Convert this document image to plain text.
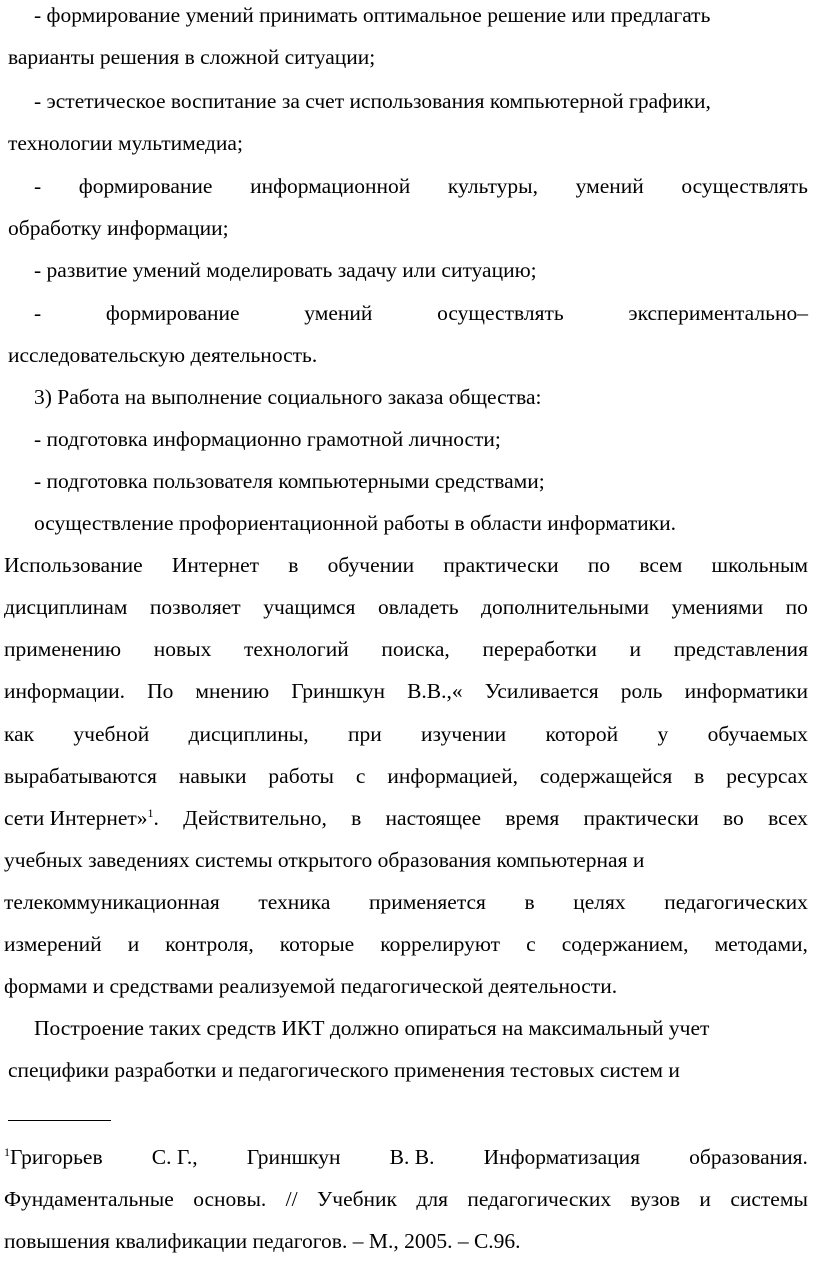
- формирование умений принимать оптимальное решение или предлагать
варианты решения в сложной ситуации;
- эстетическое воспитание за счет использования компьютерной графики,
технологии мультимедиа;
- формирование информационной культуры, умений осуществлять
обработку информации;
- развитие умений моделировать задачу или ситуацию;
-	формирование	умений	осуществлять	экспериментально–
исследовательскую деятельность.
3) Работа на выполнение социального заказа общества:
- подготовка информационно грамотной личности;
- подготовка пользователя компьютерными средствами;
осуществление профориентационной работы в области информатики.
Использование Интернет в обучении практически по всем школьным
дисциплинам позволяет учащимся овладеть дополнительными умениями по
применению новых технологий поиска, переработки и представления
информации. По мнению Гриншкун В.В.,« Усиливается роль информатики
как учебной дисциплины, при изучении которой у обучаемых
вырабатываются навыки работы с информацией, содержащейся в ресурсах
сети Интернет»$^1$. Действительно, в настоящее время практически во всех
учебных заведениях системы открытого образования компьютерная и
телекоммуникационная техника применяется в целях педагогических
измерений и контроля, которые коррелируют с содержанием, методами,
формами и средствами реализуемой педагогической деятельности.
Построение таких средств ИКТ должно опираться на максимальный учет
специфики разработки и педагогического применения тестовых систем и
$^1$Григорьев С. Г., Гриншкун В. В. Информатизация образования.
Фундаментальные основы. // Учебник для педагогических вузов и системы
повышения квалификации педагогов. – М., 2005. – С.96.
